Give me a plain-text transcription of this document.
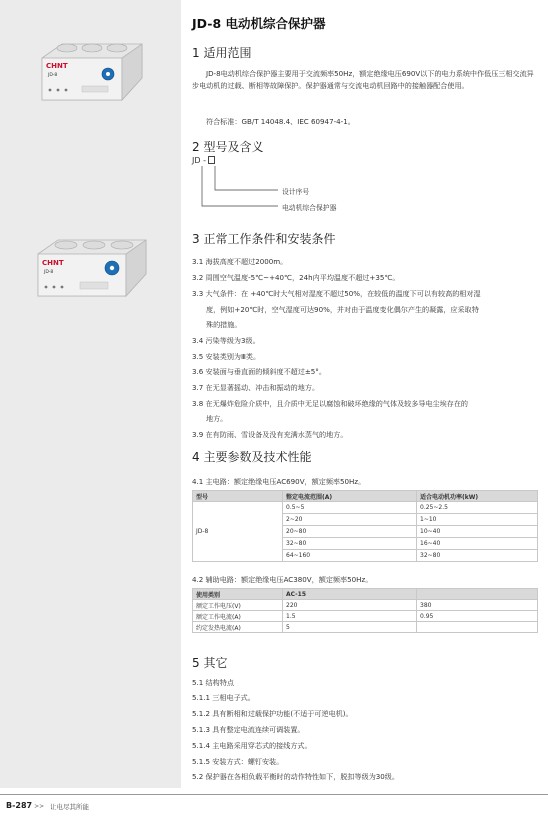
CHNT
JD-8
CHNT
JD-8
JD-8 电动机综合保护器
1 适用范围
JD-8电动机综合保护器主要用于交流频率50Hz，额定绝缘电压690V以下的电力系统中作低压三相交流异步电动机的过载、断相等故障保护。保护器通常与交流电动机回路中的接触器配合使用。
符合标准：GB/T 14048.4、IEC 60947-4-1。
2 型号及含义
JD -
设计序号
电动机综合保护器
3 正常工作条件和安装条件
3.1 海拔高度不超过2000m。
3.2 周围空气温度-5℃~+40℃，24h内平均温度不超过+35℃。
3.3 大气条件：在 +40℃时大气相对湿度不超过50%，在较低的温度下可以有较高的相对湿
度，例如+20℃时，空气湿度可达90%，并对由于温度变化偶尔产生的凝露，应采取特
殊的措施。
3.4 污染等级为3级。
3.5 安装类别为Ⅲ类。
3.6 安装面与垂直面的倾斜度不超过±5°。
3.7 在无显著摇动、冲击和振动的地方。
3.8 在无爆炸危险介质中，且介质中无足以腐蚀和破坏绝缘的气体及较多导电尘埃存在的
地方。
3.9 在有防雨、雪设备及没有充满水蒸气的地方。
4 主要参数及技术性能
4.1 主电路：额定绝缘电压AC690V，额定频率50Hz。
型号	整定电流范围(A)	适合电动机功率(kW)
JD-8	0.5~5	0.25~2.5
	2~20	1~10
	20~80	10~40
	32~80	16~40
	64~160	32~80
4.2 辅助电路：额定绝缘电压AC380V，额定频率50Hz。
使用类别	AC-15	
额定工作电压(V)	220	380
额定工作电流(A)	1.5	0.95
约定发热电流(A)	5	
5 其它
5.1 结构特点
5.1.1 三相电子式。
5.1.2 具有断相和过载保护功能(不适于可逆电机)。
5.1.3 具有整定电流连续可调装置。
5.1.4 主电路采用穿芯式的接线方式。
5.1.5 安装方式：螺钉安装。
5.2 保护器在各相负载平衡时的动作特性如下，脱扣等级为30级。
B-287 >> 让电尽其所能
